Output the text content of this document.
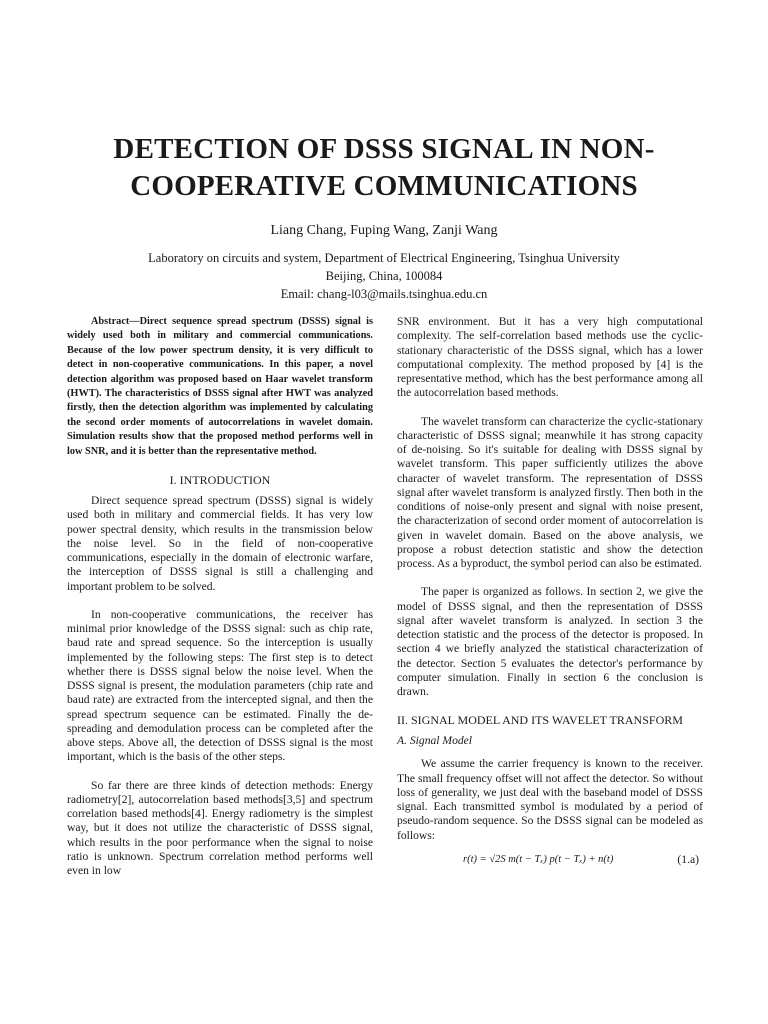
DETECTION OF DSSS SIGNAL IN NON-
COOPERATIVE COMMUNICATIONS
Liang Chang, Fuping Wang, Zanji Wang
Laboratory on circuits and system, Department of Electrical Engineering, Tsinghua University
Beijing, China, 100084
Email: chang-l03@mails.tsinghua.edu.cn

Abstract—Direct sequence spread spectrum (DSSS) signal is widely used both in military and commercial communications. Because of the low power spectrum density, it is very difficult to detect in non-cooperative communications. In this paper, a novel detection algorithm was proposed based on Haar wavelet transform (HWT). The characteristics of DSSS signal after HWT was analyzed firstly, then the detection algorithm was implemented by calculating the second order moments of autocorrelations in wavelet domain. Simulation results show that the proposed method performs well in low SNR, and it is better than the representative method.

I. INTRODUCTION

Direct sequence spread spectrum (DSSS) signal is widely used both in military and commercial fields. It has very low power spectral density, which results in the transmission below the noise level. So in the field of non-cooperative communications, especially in the domain of electronic warfare, the interception of DSSS signal is still a challenging and important problem to be solved.

In non-cooperative communications, the receiver has minimal prior knowledge of the DSSS signal: such as chip rate, baud rate and spread sequence. So the interception is usually implemented by the following steps: The first step is to detect whether there is DSSS signal below the noise level. When the DSSS signal is present, the modulation parameters (chip rate and baud rate) are extracted from the intercepted signal, and then the spread spectrum sequence can be estimated. Finally the de-spreading and demodulation process can be completed after the above steps. Above all, the detection of DSSS signal is the most important, which is the basis of the other steps.

So far there are three kinds of detection methods: Energy radiometry[2], autocorrelation based methods[3,5] and spectrum correlation based methods[4]. Energy radiometry is the simplest way, but it does not utilize the characteristic of DSSS signal, which results in the poor performance when the signal to noise ratio is unknown. Spectrum correlation method performs well even in low

SNR environment. But it has a very high computational complexity. The self-correlation based methods use the cyclic-stationary characteristic of the DSSS signal, which has a lower computational complexity. The method proposed by [4] is the representative method, which has the best performance among all the autocorrelation based methods.

The wavelet transform can characterize the cyclic-stationary characteristic of DSSS signal; meanwhile it has strong capacity of de-noising. So it's suitable for dealing with DSSS signal by wavelet transform. This paper sufficiently utilizes the above character of wavelet transform. The representation of DSSS signal after wavelet transform is analyzed firstly. Then both in the conditions of noise-only present and signal with noise present, the characterization of second order moment of autocorrelation is given in wavelet domain. Based on the above analysis, we propose a robust detection statistic and show the detection process. As a byproduct, the symbol period can also be estimated.

The paper is organized as follows. In section 2, we give the model of DSSS signal, and then the representation of DSSS signal after wavelet transform is analyzed. In section 3 the detection statistic and the process of the detector is proposed. In section 4 we briefly analyzed the statistical characterization of the detector. Section 5 evaluates the detector's performance by computer simulation. Finally in section 6 the conclusion is drawn.

II. SIGNAL MODEL AND ITS WAVELET TRANSFORM
A. Signal Model

We assume the carrier frequency is known to the receiver. The small frequency offset will not affect the detector. So without loss of generality, we just deal with the baseband model of DSSS signal. Each transmitted symbol is modulated by a period of pseudo-random sequence. So the DSSS signal can be modeled as follows:

r(t) = √2S m(t − Tₓ) p(t − Tₓ) + n(t)	(1.a)
